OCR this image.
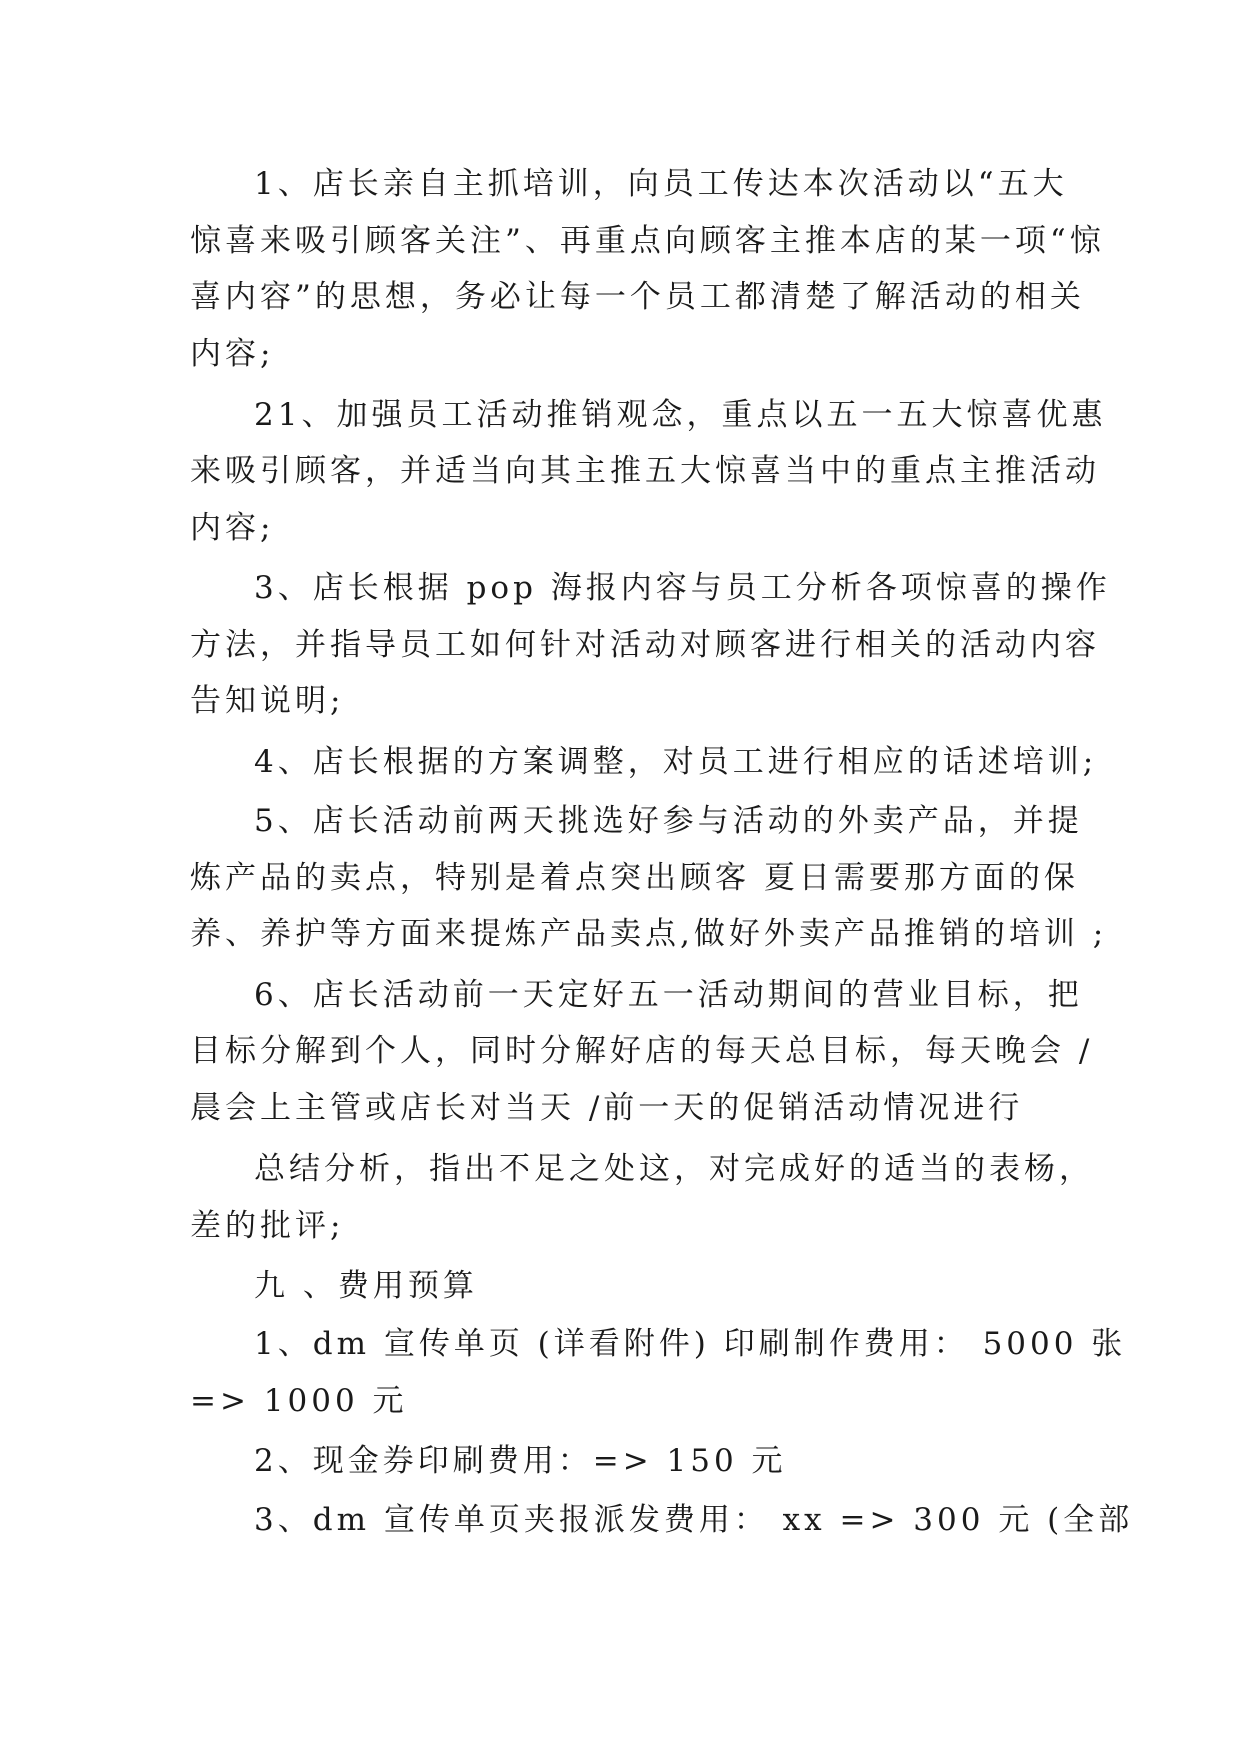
1、店长亲自主抓培训，向员工传达本次活动以“五大
惊喜来吸引顾客关注”、再重点向顾客主推本店的某一项“惊
喜内容”的思想，务必让每一个员工都清楚了解活动的相关
内容;
21、加强员工活动推销观念，重点以五一五大惊喜优惠
来吸引顾客，并适当向其主推五大惊喜当中的重点主推活动
内容;
3、店长根据 pop 海报内容与员工分析各项惊喜的操作
方法，并指导员工如何针对活动对顾客进行相关的活动内容
告知说明;
4、店长根据的方案调整，对员工进行相应的话述培训;
5、店长活动前两天挑选好参与活动的外卖产品，并提
炼产品的卖点，特别是着点突出顾客 夏日需要那方面的保
养、养护等方面来提炼产品卖点,做好外卖产品推销的培训 ;
6、店长活动前一天定好五一活动期间的营业目标，把
目标分解到个人，同时分解好店的每天总目标，每天晚会 /
晨会上主管或店长对当天 /前一天的促销活动情况进行
总结分析，指出不足之处这，对完成好的适当的表杨，
差的批评;
九 、费用预算
1、dm 宣传单页 (详看附件) 印刷制作费用： 5000 张
=> 1000 元
2、现金券印刷费用：=> 150 元
3、dm 宣传单页夹报派发费用： xx => 300 元 (全部
